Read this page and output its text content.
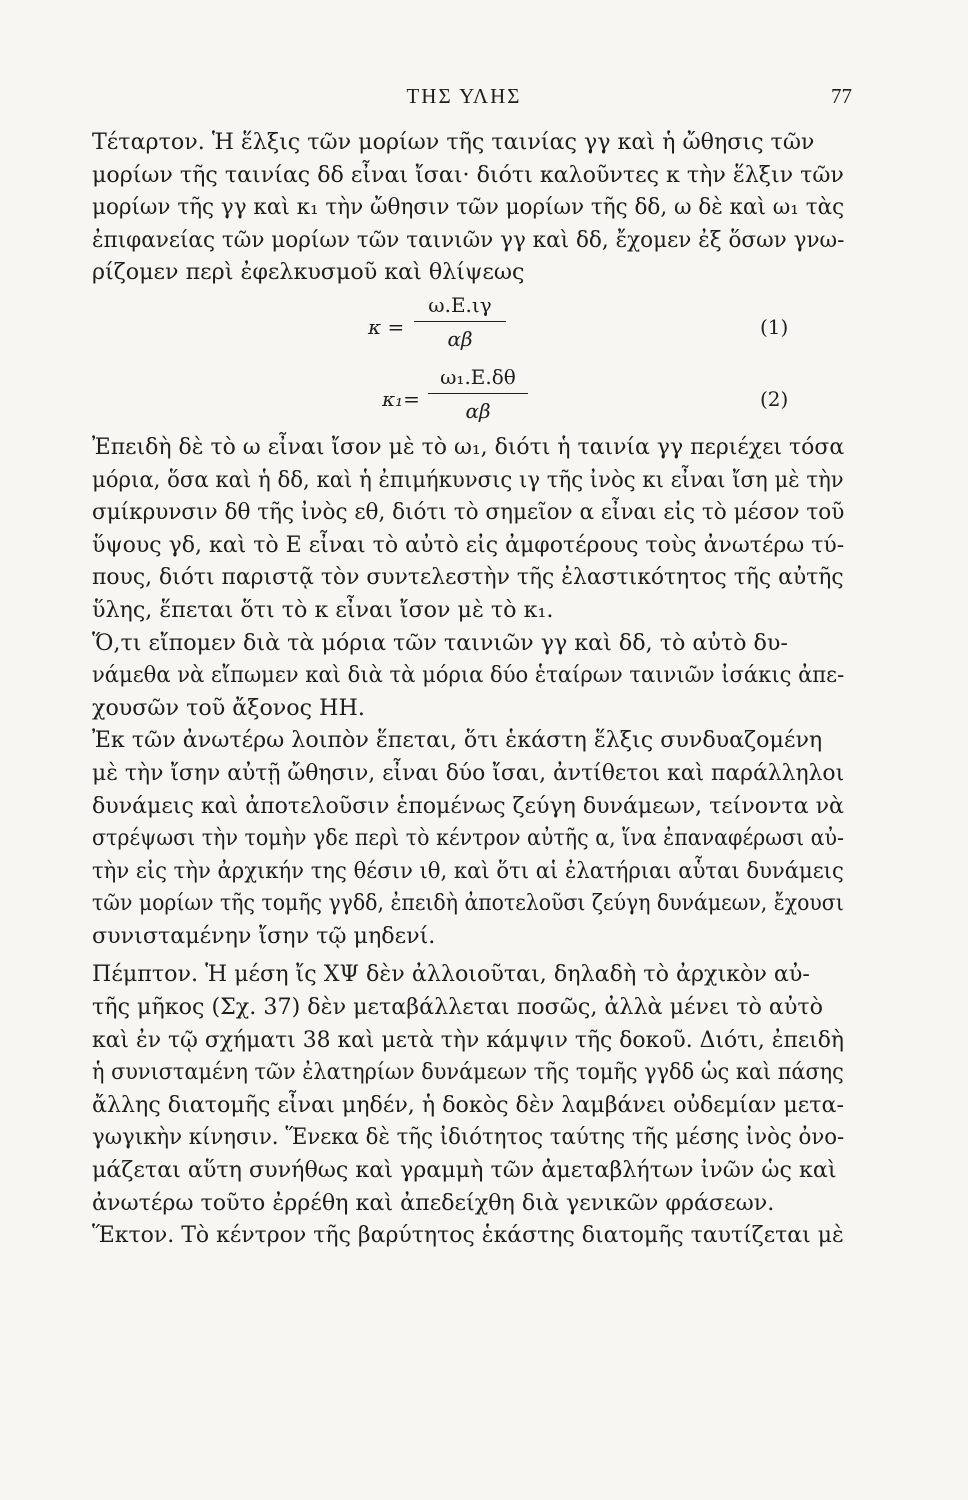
ΤΗΣ ΥΛΗΣ	77
Τέταρτον. Ἡ ἕλξις τῶν μορίων τῆς ταινίας γγ καὶ ἡ ὤθησις τῶν
μορίων τῆς ταινίας δδ εἶναι ἴσαι· διότι καλοῦντες κ τὴν ἕλξιν τῶν
μορίων τῆς γγ καὶ κ₁ τὴν ὤθησιν τῶν μορίων τῆς δδ, ω δὲ καὶ ω₁ τὰς
ἐπιφανείας τῶν μορίων τῶν ταινιῶν γγ καὶ δδ, ἔχομεν ἐξ ὅσων γνω-
ρίζομεν περὶ ἐφελκυσμοῦ καὶ θλίψεως
κ =
ω.Ε.ιγ
αβ	(1)
κ₁=
ω₁.Ε.δθ
αβ	(2)
Ἐπειδὴ δὲ τὸ ω εἶναι ἴσον μὲ τὸ ω₁, διότι ἡ ταινία γγ περιέχει τόσα
μόρια, ὅσα καὶ ἡ δδ, καὶ ἡ ἐπιμήκυνσις ιγ τῆς ἰνὸς κι εἶναι ἴση μὲ τὴν
σμίκρυνσιν δθ τῆς ἰνὸς εθ, διότι τὸ σημεῖον α εἶναι εἰς τὸ μέσον τοῦ
ὕψους γδ, καὶ τὸ Ε εἶναι τὸ αὐτὸ εἰς ἀμφοτέρους τοὺς ἀνωτέρω τύ-
πους, διότι παριστᾷ τὸν συντελεστὴν τῆς ἐλαστικότητος τῆς αὐτῆς
ὕλης, ἕπεται ὅτι τὸ κ εἶναι ἴσον μὲ τὸ κ₁.
Ὅ,τι εἴπομεν διὰ τὰ μόρια τῶν ταινιῶν γγ καὶ δδ, τὸ αὐτὸ δυ-
νάμεθα νὰ εἴπωμεν καὶ διὰ τὰ μόρια δύο ἑταίρων ταινιῶν ἰσάκις ἀπε-
χουσῶν τοῦ ἄξονος ΗΗ.
Ἐκ τῶν ἀνωτέρω λοιπὸν ἕπεται, ὅτι ἑκάστη ἕλξις συνδυαζομένη
μὲ τὴν ἴσην αὐτῇ ὤθησιν, εἶναι δύο ἴσαι, ἀντίθετοι καὶ παράλληλοι
δυνάμεις καὶ ἀποτελοῦσιν ἑπομένως ζεύγη δυνάμεων, τείνοντα νὰ
στρέψωσι τὴν τομὴν γδε περὶ τὸ κέντρον αὐτῆς α, ἵνα ἐπαναφέρωσι αὐ-
τὴν εἰς τὴν ἀρχικήν της θέσιν ιθ, καὶ ὅτι αἱ ἐλατήριαι αὗται δυνάμεις
τῶν μορίων τῆς τομῆς γγδδ, ἐπειδὴ ἀποτελοῦσι ζεύγη δυνάμεων, ἔχουσι
συνισταμένην ἴσην τῷ μηδενί.
Πέμπτον. Ἡ μέση ἴς ΧΨ δὲν ἀλλοιοῦται, δηλαδὴ τὸ ἀρχικὸν αὐ-
τῆς μῆκος (Σχ. 37) δὲν μεταβάλλεται ποσῶς, ἀλλὰ μένει τὸ αὐτὸ
καὶ ἐν τῷ σχήματι 38 καὶ μετὰ τὴν κάμψιν τῆς δοκοῦ. Διότι, ἐπειδὴ
ἡ συνισταμένη τῶν ἐλατηρίων δυνάμεων τῆς τομῆς γγδδ ὡς καὶ πάσης
ἄλλης διατομῆς εἶναι μηδέν, ἡ δοκὸς δὲν λαμβάνει οὐδεμίαν μετα-
γωγικὴν κίνησιν. Ἕνεκα δὲ τῆς ἰδιότητος ταύτης τῆς μέσης ἰνὸς ὀνο-
μάζεται αὕτη συνήθως καὶ γραμμὴ τῶν ἀμεταβλήτων ἰνῶν ὡς καὶ
ἀνωτέρω τοῦτο ἐρρέθη καὶ ἀπεδείχθη διὰ γενικῶν φράσεων.
Ἕκτον. Τὸ κέντρον τῆς βαρύτητος ἑκάστης διατομῆς ταυτίζεται μὲ
